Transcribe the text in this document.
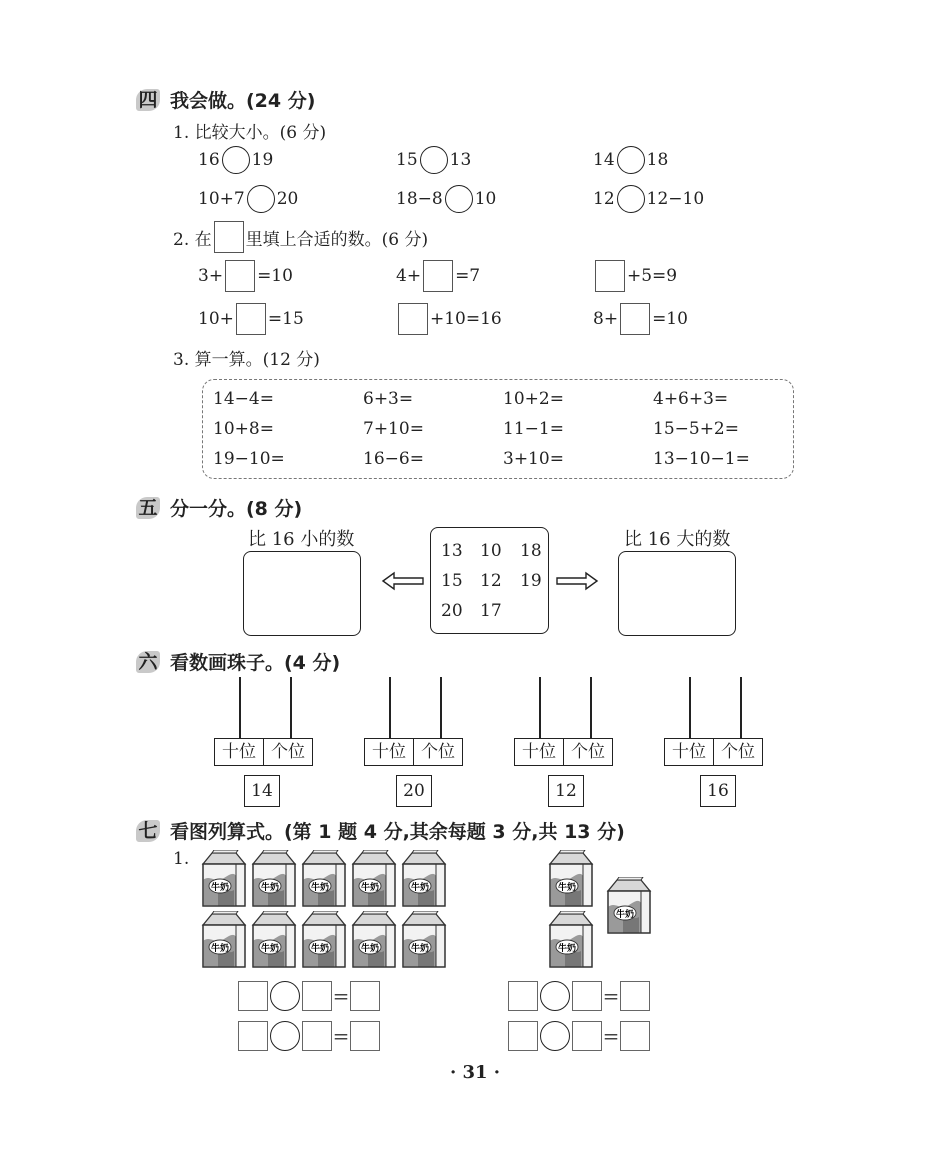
四 我会做。(24 分)
1. 比较大小。(6 分)
16 19	15 13	14 18
10+7 20	18−8 10	12 12−10
2. 在 里填上合适的数。(6 分)
3+ =10	4+ =7	+5=9
10+ =15	+10=16	8+ =10
3. 算一算。(12 分)
14−4=	6+3=	10+2=	4+6+3=
10+8=	7+10=	11−1=	15−5+2=
19−10=	16−6=	3+10=	13−10−1=
五 分一分。(8 分)
比 16 小的数
13 10 18
15 12 19
20 17
比 16 大的数
六 看数画珠子。(4 分)
十位 个位
14
十位 个位
20
十位 个位
12
十位 个位
16
七 看图列算式。(第 1 题 4 分,其余每题 3 分,共 13 分)
1.
牛奶	牛奶	牛奶	牛奶	牛奶
牛奶	牛奶	牛奶	牛奶	牛奶
牛奶
牛奶
牛奶
=
=
=
=
· 31 ·
